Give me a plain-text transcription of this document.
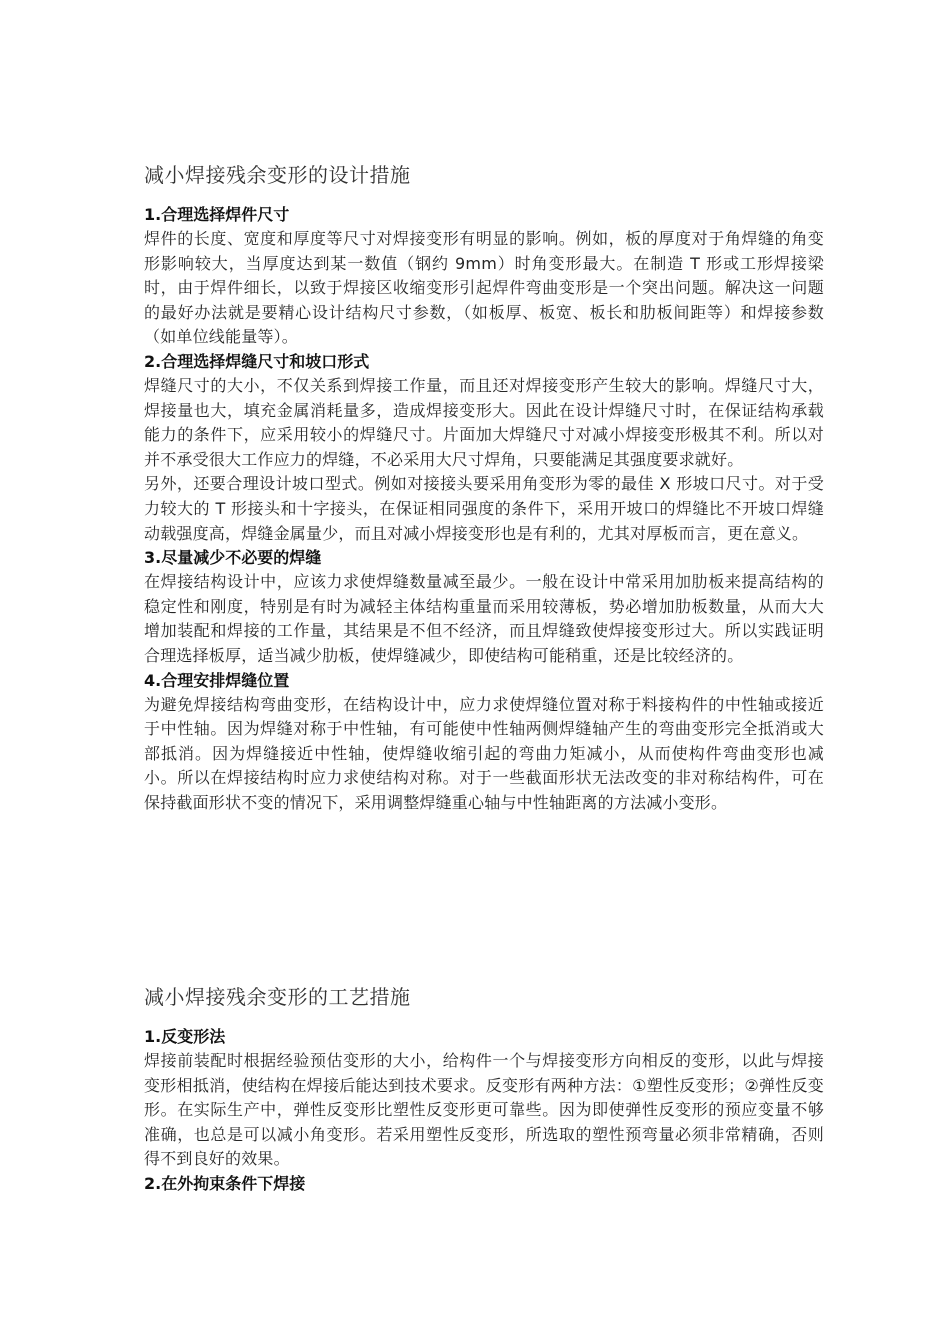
减小焊接残余变形的设计措施
1.合理选择焊件尺寸

焊件的长度、宽度和厚度等尺寸对焊接变形有明显的影响。例如，板的厚度对于角焊缝的角变形影响较大，当厚度达到某一数值（钢约 9mm）时角变形最大。在制造 T 形或工形焊接梁时，由于焊件细长，以致于焊接区收缩变形引起焊件弯曲变形是一个突出问题。解决这一问题的最好办法就是要精心设计结构尺寸参数，（如板厚、板宽、板长和肋板间距等）和焊接参数（如单位线能量等）。

2.合理选择焊缝尺寸和坡口形式

焊缝尺寸的大小，不仅关系到焊接工作量，而且还对焊接变形产生较大的影响。焊缝尺寸大，焊接量也大，填充金属消耗量多，造成焊接变形大。因此在设计焊缝尺寸时，在保证结构承载能力的条件下，应采用较小的焊缝尺寸。片面加大焊缝尺寸对减小焊接变形极其不利。所以对并不承受很大工作应力的焊缝，不必采用大尺寸焊角，只要能满足其强度要求就好。

另外，还要合理设计坡口型式。例如对接接头要采用角变形为零的最佳 X 形坡口尺寸。对于受力较大的 T 形接头和十字接头，在保证相同强度的条件下，采用开坡口的焊缝比不开坡口焊缝动载强度高，焊缝金属量少，而且对减小焊接变形也是有利的，尤其对厚板而言，更在意义。

3.尽量减少不必要的焊缝

在焊接结构设计中，应该力求使焊缝数量减至最少。一般在设计中常采用加肋板来提高结构的稳定性和刚度，特别是有时为减轻主体结构重量而采用较薄板，势必增加肋板数量，从而大大增加装配和焊接的工作量，其结果是不但不经济，而且焊缝致使焊接变形过大。所以实践证明合理选择板厚，适当减少肋板，使焊缝减少，即使结构可能稍重，还是比较经济的。

4.合理安排焊缝位置

为避免焊接结构弯曲变形，在结构设计中，应力求使焊缝位置对称于料接构件的中性轴或接近于中性轴。因为焊缝对称于中性轴，有可能使中性轴两侧焊缝轴产生的弯曲变形完全抵消或大部抵消。因为焊缝接近中性轴，使焊缝收缩引起的弯曲力矩减小，从而使构件弯曲变形也减小。所以在焊接结构时应力求使结构对称。对于一些截面形状无法改变的非对称结构件，可在保持截面形状不变的情况下，采用调整焊缝重心轴与中性轴距离的方法减小变形。

减小焊接残余变形的工艺措施
1.反变形法

焊接前装配时根据经验预估变形的大小，给构件一个与焊接变形方向相反的变形，以此与焊接变形相抵消，使结构在焊接后能达到技术要求。反变形有两种方法：①塑性反变形；②弹性反变形。在实际生产中，弹性反变形比塑性反变形更可靠些。因为即使弹性反变形的预应变量不够准确，也总是可以减小角变形。若采用塑性反变形，所选取的塑性预弯量必须非常精确，否则得不到良好的效果。

2.在外拘束条件下焊接
